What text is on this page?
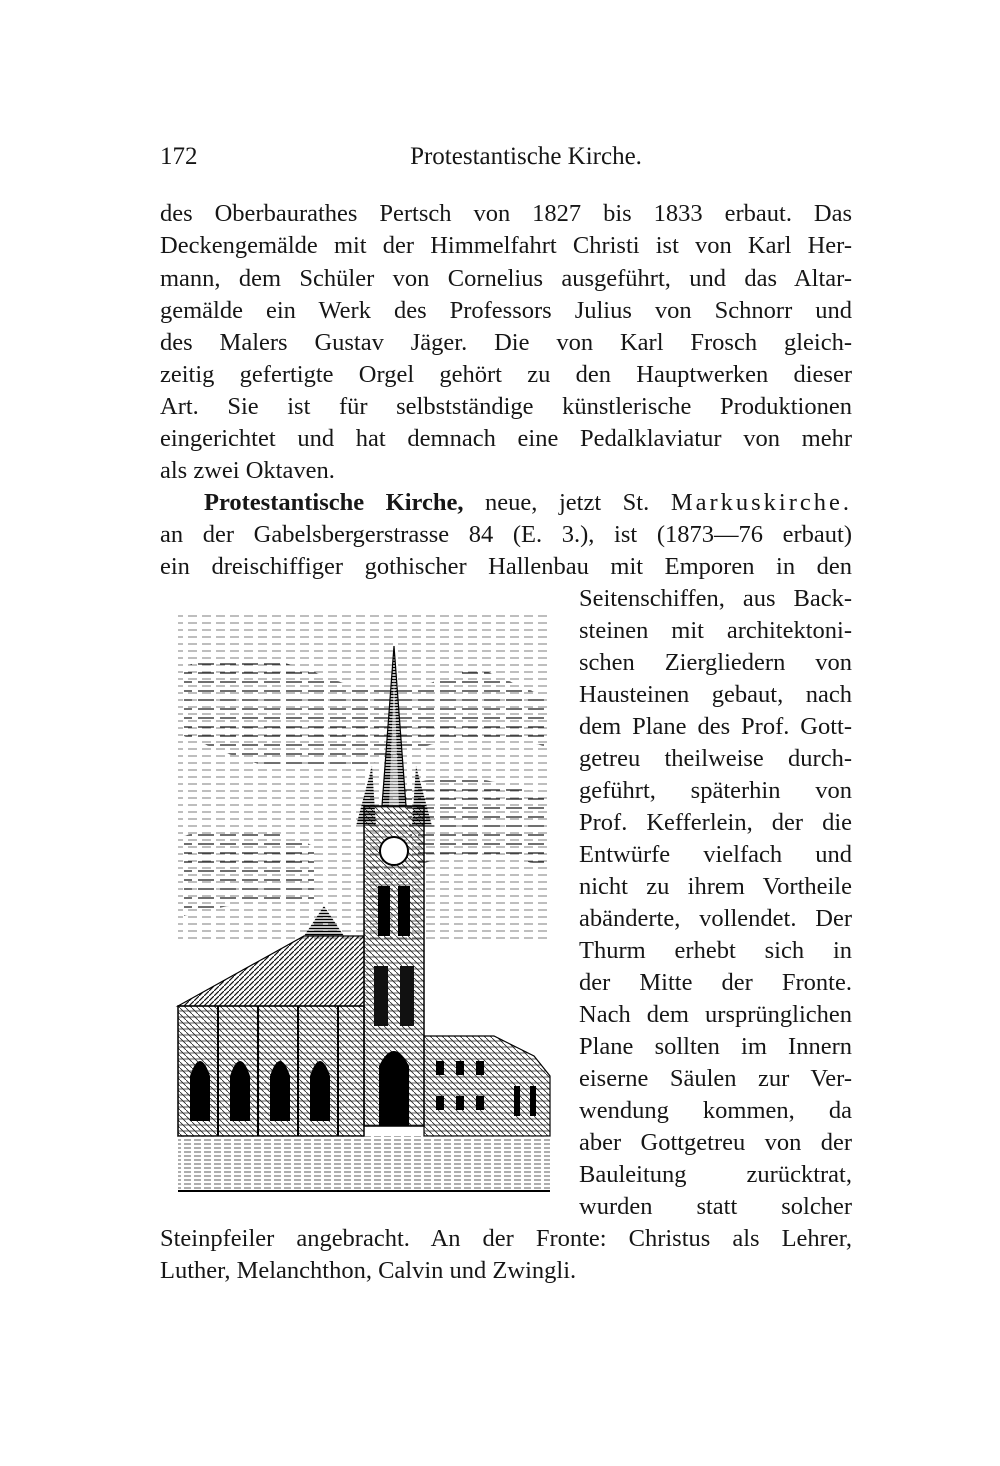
172	Protestantische Kirche.
des Oberbaurathes Pertsch von 1827 bis 1833 erbaut. Das
Deckengemälde mit der Himmelfahrt Christi ist von Karl Her-
mann, dem Schüler von Cornelius ausgeführt, und das Altar-
gemälde ein Werk des Professors Julius von Schnorr und
des Malers Gustav Jäger. Die von Karl Frosch gleich-
zeitig gefertigte Orgel gehört zu den Hauptwerken dieser
Art. Sie ist für selbstständige künstlerische Produktionen
eingerichtet und hat demnach eine Pedalklaviatur von mehr
als zwei Oktaven.
Protestantische Kirche, neue, jetzt St. Markuskirche.
an der Gabelsbergerstrasse 84 (E. 3.), ist (1873—76 erbaut)
ein dreischiffiger gothischer Hallenbau mit Emporen in den
Seitenschiffen, aus Back-
steinen mit architektoni-
schen Ziergliedern von
Hausteinen gebaut, nach
dem Plane des Prof. Gott-
getreu theilweise durch-
geführt, späterhin von
Prof. Kefferlein, der die
Entwürfe vielfach und
nicht zu ihrem Vortheile
abänderte, vollendet. Der
Thurm erhebt sich in
der Mitte der Fronte.
Nach dem ursprünglichen
Plane sollten im Innern
eiserne Säulen zur Ver-
wendung kommen, da
aber Gottgetreu von der
Bauleitung zurücktrat,
wurden statt solcher
Steinpfeiler angebracht. An der Fronte: Christus als Lehrer,
Luther, Melanchthon, Calvin und Zwingli.
